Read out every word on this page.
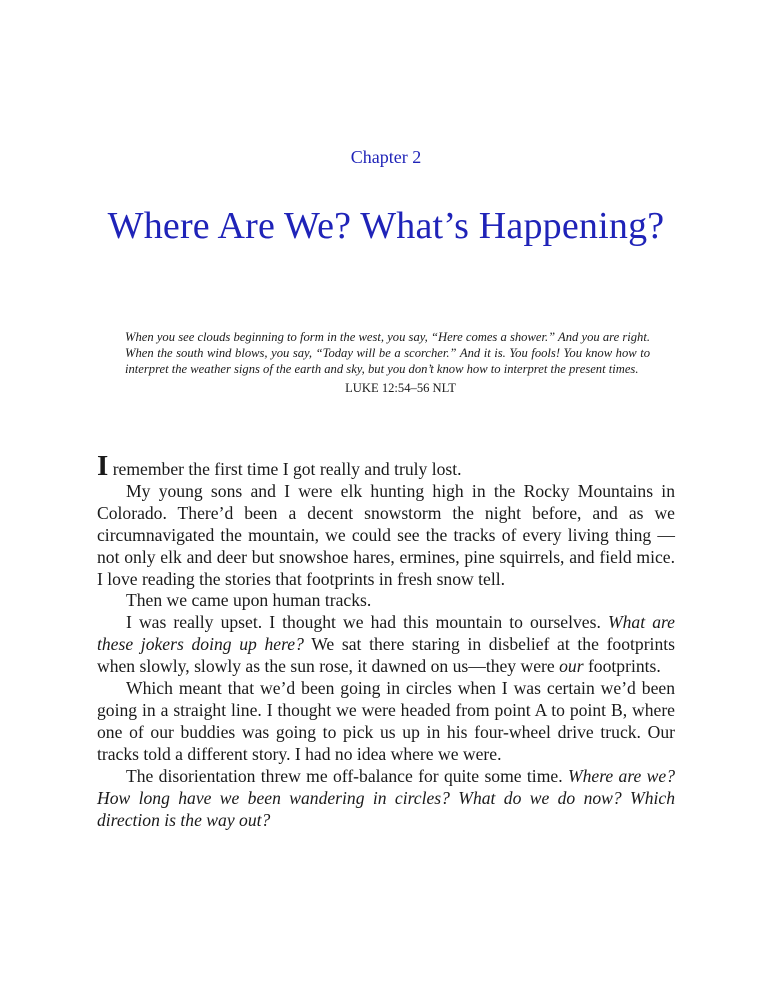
Chapter 2
Where Are We? What’s Happening?

When you see clouds beginning to form in the west, you say, “Here comes a shower.” And you are right. When the south wind blows, you say, “Today will be a scorcher.” And it is. You fools! You know how to interpret the weather signs of the earth and sky, but you don’t know how to interpret the present times.

LUKE 12:54–56 NLT

I remember the first time I got really and truly lost.

My young sons and I were elk hunting high in the Rocky Mountains in Colorado. There’d been a decent snowstorm the night before, and as we circumnavigated the mountain, we could see the tracks of every living thing —not only elk and deer but snowshoe hares, ermines, pine squirrels, and field mice. I love reading the stories that footprints in fresh snow tell.

Then we came upon human tracks.

I was really upset. I thought we had this mountain to ourselves. What are these jokers doing up here? We sat there staring in disbelief at the footprints when slowly, slowly as the sun rose, it dawned on us—they were our footprints.

Which meant that we’d been going in circles when I was certain we’d been going in a straight line. I thought we were headed from point A to point B, where one of our buddies was going to pick us up in his four-wheel drive truck. Our tracks told a different story. I had no idea where we were.

The disorientation threw me off-balance for quite some time. Where are we? How long have we been wandering in circles? What do we do now? Which direction is the way out?
